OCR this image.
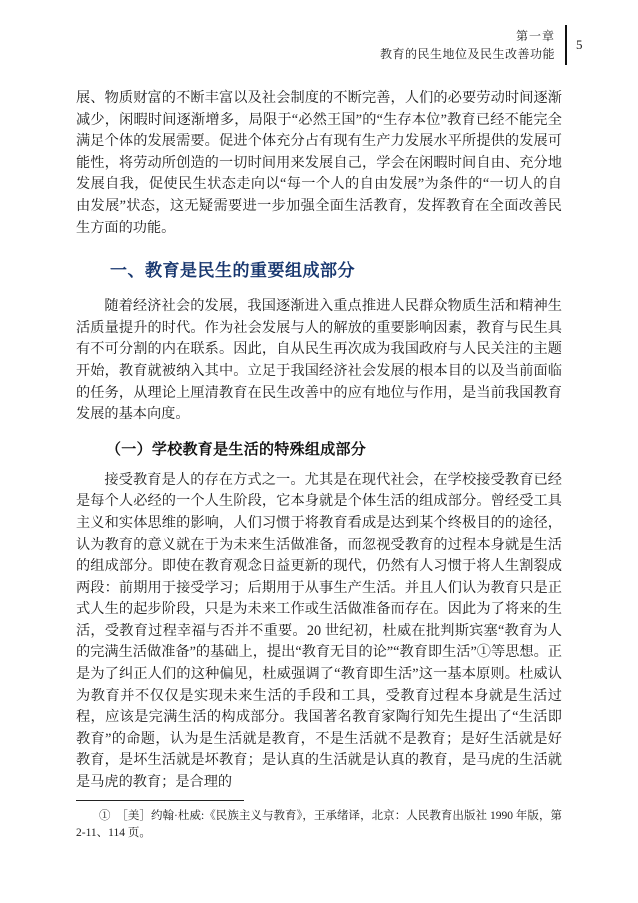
第一章
教育的民生地位及民生改善功能
5

展、物质财富的不断丰富以及社会制度的不断完善，人们的必要劳动时间逐渐减少，闲暇时间逐渐增多，局限于“必然王国”的“生存本位”教育已经不能完全满足个体的发展需要。促进个体充分占有现有生产力发展水平所提供的发展可能性，将劳动所创造的一切时间用来发展自己，学会在闲暇时间自由、充分地发展自我，促使民生状态走向以“每一个人的自由发展”为条件的“一切人的自由发展”状态，这无疑需要进一步加强全面生活教育，发挥教育在全面改善民生方面的功能。

一、教育是民生的重要组成部分

随着经济社会的发展，我国逐渐进入重点推进人民群众物质生活和精神生活质量提升的时代。作为社会发展与人的解放的重要影响因素，教育与民生具有不可分割的内在联系。因此，自从民生再次成为我国政府与人民关注的主题开始，教育就被纳入其中。立足于我国经济社会发展的根本目的以及当前面临的任务，从理论上厘清教育在民生改善中的应有地位与作用，是当前我国教育发展的基本向度。

（一）学校教育是生活的特殊组成部分

接受教育是人的存在方式之一。尤其是在现代社会，在学校接受教育已经是每个人必经的一个人生阶段，它本身就是个体生活的组成部分。曾经受工具主义和实体思维的影响，人们习惯于将教育看成是达到某个终极目的的途径，认为教育的意义就在于为未来生活做准备，而忽视受教育的过程本身就是生活的组成部分。即使在教育观念日益更新的现代，仍然有人习惯于将人生割裂成两段：前期用于接受学习；后期用于从事生产生活。并且人们认为教育只是正式人生的起步阶段，只是为未来工作或生活做准备而存在。因此为了将来的生活，受教育过程幸福与否并不重要。20 世纪初，杜威在批判斯宾塞“教育为人的完满生活做准备”的基础上，提出“教育无目的论”“教育即生活”①等思想。正是为了纠正人们的这种偏见，杜威强调了“教育即生活”这一基本原则。杜威认为教育并不仅仅是实现未来生活的手段和工具，受教育过程本身就是生活过程，应该是完满生活的构成部分。我国著名教育家陶行知先生提出了“生活即教育”的命题，认为是生活就是教育，不是生活就不是教育；是好生活就是好教育，是坏生活就是坏教育；是认真的生活就是认真的教育，是马虎的生活就是马虎的教育；是合理的

①　［美］约翰·杜威:《民族主义与教育》，王承绪译，北京：人民教育出版社 1990 年版，第 2-11、114 页。
